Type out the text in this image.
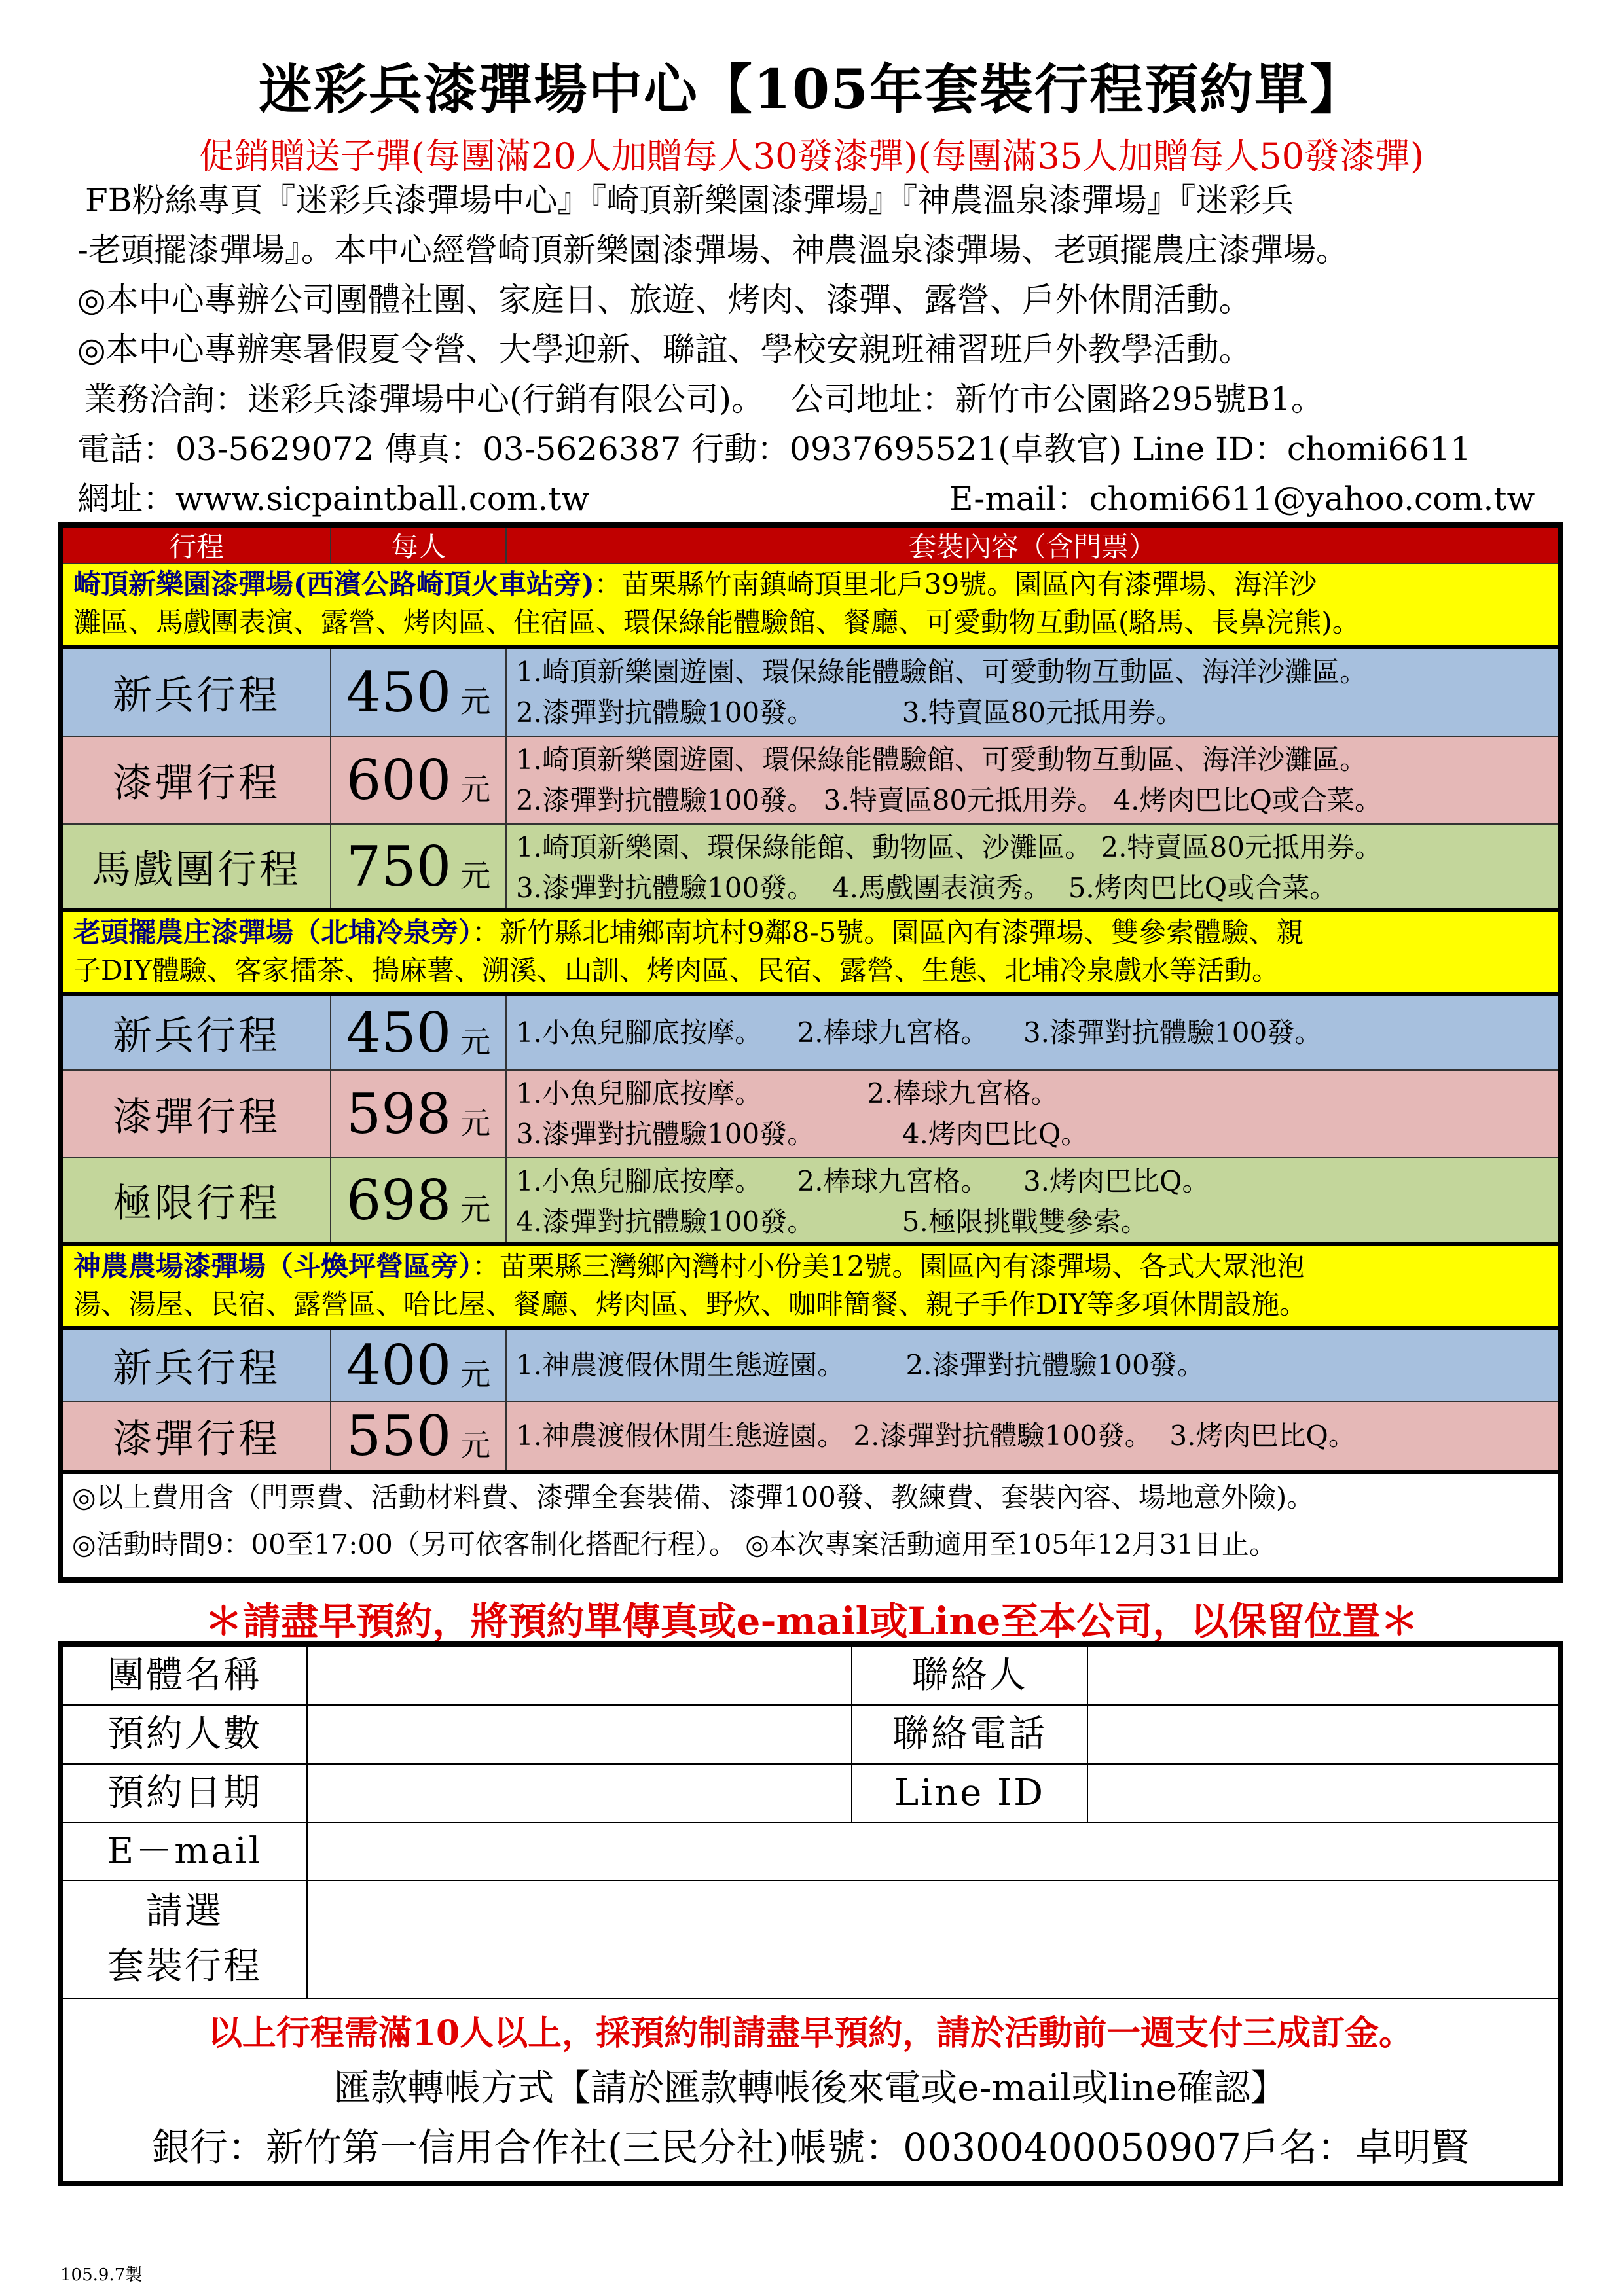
迷彩兵漆彈場中心【105年套裝行程預約單】
促銷贈送子彈(每團滿20人加贈每人30發漆彈)(每團滿35人加贈每人50發漆彈)
FB粉絲專頁『迷彩兵漆彈場中心』『崎頂新樂園漆彈場』『神農溫泉漆彈場』『迷彩兵
-老頭擺漆彈場』。本中心經營崎頂新樂園漆彈場、神農溫泉漆彈場、老頭擺農庄漆彈場。
◎本中心專辦公司團體社團、家庭日、旅遊、烤肉、漆彈、露營、戶外休閒活動。
◎本中心專辦寒暑假夏令營、大學迎新、聯誼、學校安親班補習班戶外教學活動。
業務洽詢：迷彩兵漆彈場中心(行銷有限公司)。　 公司地址：新竹市公園路295號B1。
電話：03-5629072 傳真：03-5626387 行動：0937695521(卓教官) Line ID：chomi6611
網址：www.sicpaintball.com.tw	E-mail：chomi6611@yahoo.com.tw
行程	每人	套裝內容（含門票）
崎頂新樂園漆彈場(西濱公路崎頂火車站旁)：苗栗縣竹南鎮崎頂里北戶39號。園區內有漆彈場、海洋沙
灘區、馬戲團表演、露營、烤肉區、住宿區、環保綠能體驗館、餐廳、可愛動物互動區(駱馬、長鼻浣熊)。
新兵行程	450 元
1.崎頂新樂園遊園、環保綠能體驗館、可愛動物互動區、海洋沙灘區。
2.漆彈對抗體驗100發。          3.特賣區80元抵用券。
漆彈行程	600 元
1.崎頂新樂園遊園、環保綠能體驗館、可愛動物互動區、海洋沙灘區。
2.漆彈對抗體驗100發。 3.特賣區80元抵用券。 4.烤肉巴比Q或合菜。
馬戲團行程 750 元
1.崎頂新樂園、環保綠能館、動物區、沙灘區。 2.特賣區80元抵用券。
3.漆彈對抗體驗100發。  4.馬戲團表演秀。  5.烤肉巴比Q或合菜。
老頭擺農庄漆彈場（北埔冷泉旁）：新竹縣北埔鄉南坑村9鄰8-5號。園區內有漆彈場、雙參索體驗、親
子DIY體驗、客家擂茶、搗麻薯、溯溪、山訓、烤肉區、民宿、露營、生態、北埔冷泉戲水等活動。
新兵行程	450 元 1.小魚兒腳底按摩。    2.棒球九宮格。    3.漆彈對抗體驗100發。
漆彈行程	598 元
1.小魚兒腳底按摩。            2.棒球九宮格。
3.漆彈對抗體驗100發。          4.烤肉巴比Q。
極限行程	698 元
1.小魚兒腳底按摩。    2.棒球九宮格。    3.烤肉巴比Q。
4.漆彈對抗體驗100發。          5.極限挑戰雙參索。
神農農場漆彈場（斗煥坪營區旁）：苗栗縣三灣鄉內灣村小份美12號。園區內有漆彈場、各式大眾池泡
湯、湯屋、民宿、露營區、哈比屋、餐廳、烤肉區、野炊、咖啡簡餐、親子手作DIY等多項休閒設施。
新兵行程	400 元 1.神農渡假休閒生態遊園。       2.漆彈對抗體驗100發。
漆彈行程	550 元 1.神農渡假休閒生態遊園。 2.漆彈對抗體驗100發。  3.烤肉巴比Q。
◎以上費用含（門票費、活動材料費、漆彈全套裝備、漆彈100發、教練費、套裝內容、場地意外險)。
◎活動時間9：00至17:00（另可依客制化搭配行程）。 ◎本次專案活動適用至105年12月31日止。
＊請盡早預約，將預約單傳真或e-mail或Line至本公司，以保留位置＊
團體名稱	聯絡人
預約人數	聯絡電話
預約日期	Line ID
E－mail
請選
套裝行程
以上行程需滿10人以上，採預約制請盡早預約，請於活動前一週支付三成訂金。
匯款轉帳方式【請於匯款轉帳後來電或e-mail或line確認】
銀行：新竹第一信用合作社(三民分社)帳號：00300400050907戶名：卓明賢
105.9.7製
